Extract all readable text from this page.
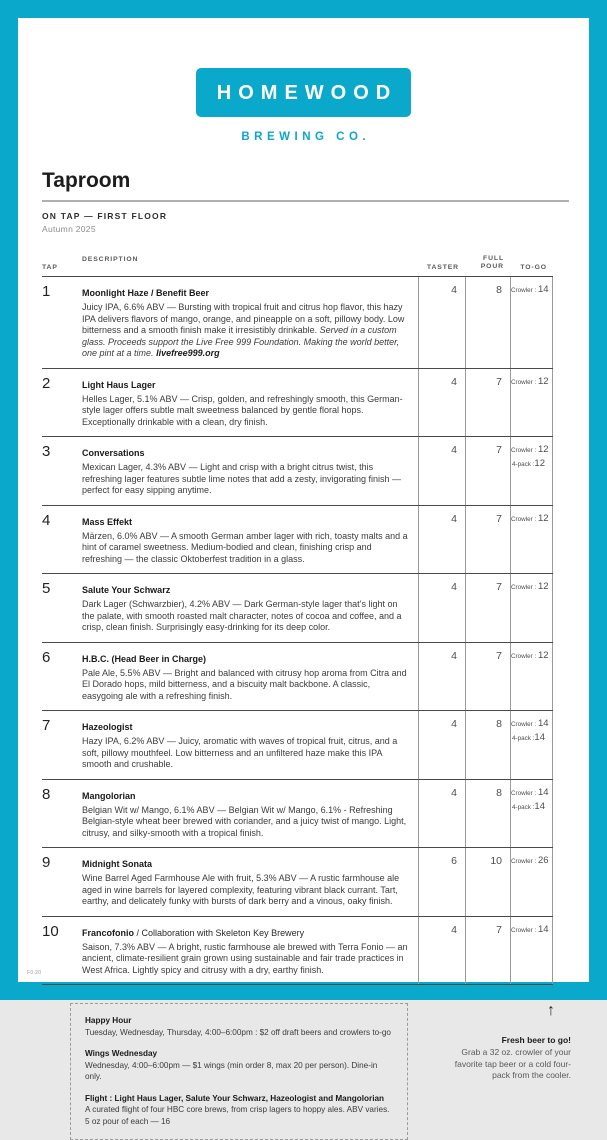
HOMEWOOD
BREWING CO.
Taproom
ON TAP — FIRST FLOOR
Autumn 2025
TAP
DESCRIPTION
TASTER
FULL POUR	TO-GO
1	Moonlight Haze / Benefit Beer
Juicy IPA, 6.6% ABV — Bursting with tropical fruit and citrus hop flavor, this hazy IPA delivers flavors of mango, orange, and pineapple on a soft, pillowy body. Low bitterness and a smooth finish make it irresistibly drinkable. Served in a custom glass. Proceeds support the Live Free 999 Foundation. Making the world better, one pint at a time. livefree999.org
4	8	Crowler : 14
2	Light Haus Lager
Helles Lager, 5.1% ABV — Crisp, golden, and refreshingly smooth, this German-style lager offers subtle malt sweetness balanced by gentle floral hops. Exceptionally drinkable with a clean, dry finish.
4	7	Crowler : 12
3	Conversations
Mexican Lager, 4.3% ABV — Light and crisp with a bright citrus twist, this refreshing lager features subtle lime notes that add a zesty, invigorating finish — perfect for easy sipping anytime.
4	7	Crowler : 12
4-pack :12
4	Mass Effekt
Märzen, 6.0% ABV — A smooth German amber lager with rich, toasty malts and a hint of caramel sweetness. Medium-bodied and clean, finishing crisp and refreshing — the classic Oktoberfest tradition in a glass.
4	7	Crowler : 12
5	Salute Your Schwarz
Dark Lager (Schwarzbier), 4.2% ABV — Dark German-style lager that’s light on the palate, with smooth roasted malt character, notes of cocoa and coffee, and a crisp, clean finish. Surprisingly easy-drinking for its deep color.
4	7	Crowler : 12
6	H.B.C. (Head Beer in Charge)
Pale Ale, 5.5% ABV — Bright and balanced with citrusy hop aroma from Citra and El Dorado hops, mild bitterness, and a biscuity malt backbone. A classic, easygoing ale with a refreshing finish.
4	7	Crowler : 12
7	Hazeologist
Hazy IPA, 6.2% ABV — Juicy, aromatic with waves of tropical fruit, citrus, and a soft, pillowy mouthfeel. Low bitterness and an unfiltered haze make this IPA smooth and crushable.
4	8	Crowler : 14
4-pack :14
8	Mangolorian
Belgian Wit w/ Mango, 6.1% ABV — Belgian Wit w/ Mango, 6.1% - Refreshing Belgian-style wheat beer brewed with coriander, and a juicy twist of mango. Light, citrusy, and silky-smooth with a tropical finish.
4	8	Crowler : 14
4-pack :14
9	Midnight Sonata
Wine Barrel Aged Farmhouse Ale with fruit, 5.3% ABV — A rustic farmhouse ale aged in wine barrels for layered complexity, featuring vibrant black currant. Tart, earthy, and delicately funky with bursts of dark berry and a vinous, oaky finish.
6	10	Crowler : 26
10	Francofonio / Collaboration with Skeleton Key Brewery
Saison, 7.3% ABV — A bright, rustic farmhouse ale brewed with Terra Fonio — an ancient, climate-resilient grain grown using sustainable and fair trade practices in West Africa. Lightly spicy and citrusy with a dry, earthy finish.
4	7	Crowler : 14
Happy Hour
Tuesday, Wednesday, Thursday, 4:00–6:00pm : $2 off draft beers and crowlers to-go
Wings Wednesday
Wednesday, 4:00–6:00pm — $1 wings (min order 8, max 20 per person). Dine-in only.
Flight : Light Haus Lager, Salute Your Schwarz, Hazeologist and Mangolorian
A curated flight of four HBC core brews, from crisp lagers to hoppy ales. ABV varies. 5 oz pour of each — 16
↑
Fresh beer to go!
Grab a 32 oz. crowler of your favorite tap beer or a cold four-pack from the cooler.
F0.20
